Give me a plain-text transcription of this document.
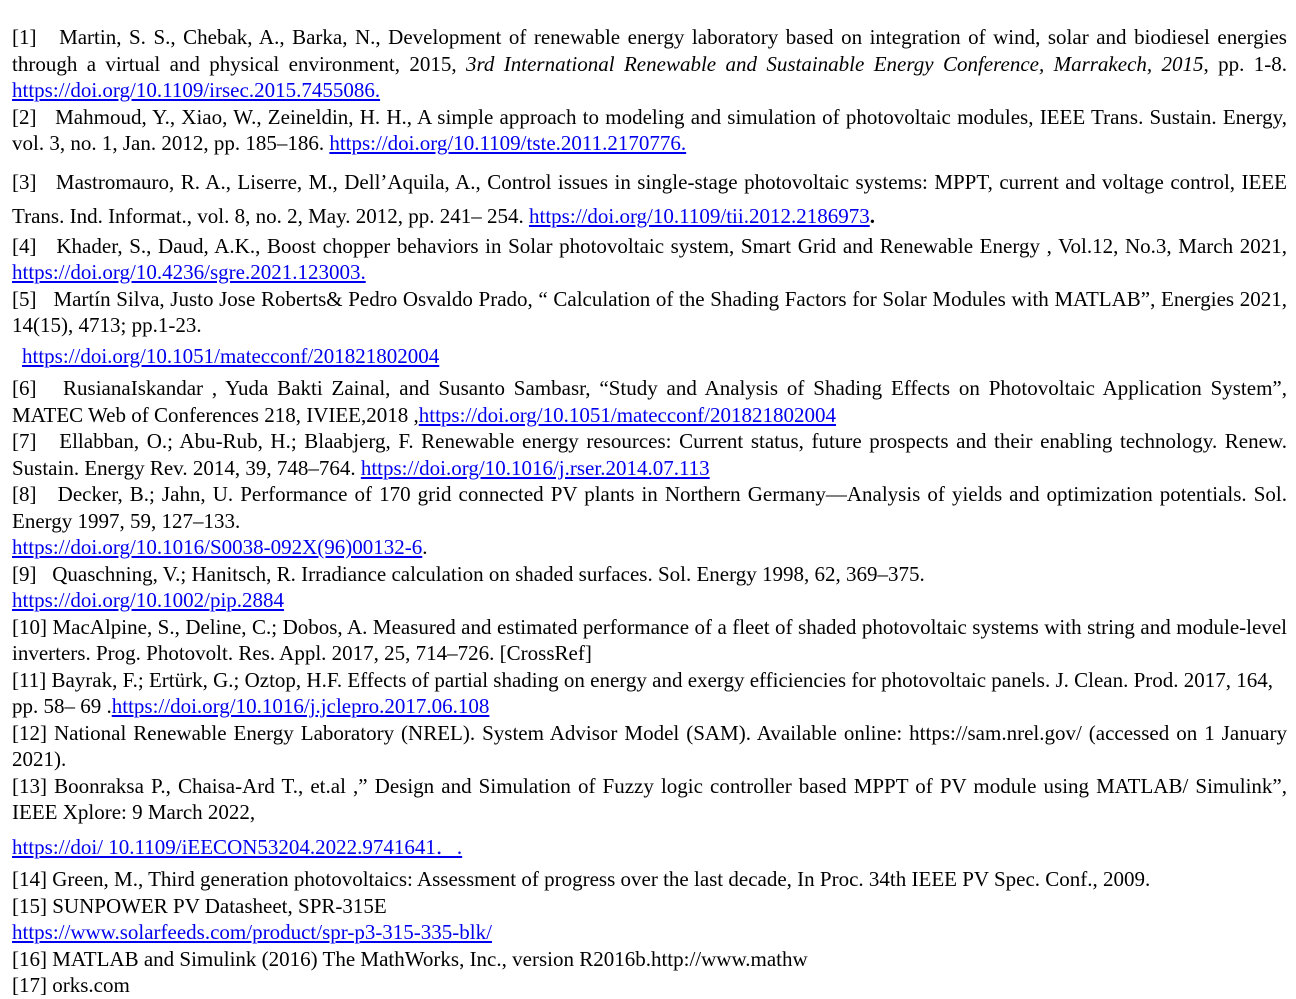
[1]   Martin, S. S., Chebak, A., Barka, N., Development of renewable energy laboratory based on integration of wind, solar and biodiesel energies through a virtual and physical environment, 2015, 3rd International Renewable and Sustainable Energy Conference, Marrakech, 2015, pp. 1-8. https://doi.org/10.1109/irsec.2015.7455086.

[2]   Mahmoud, Y., Xiao, W., Zeineldin, H. H., A simple approach to modeling and simulation of photovoltaic modules, IEEE Trans. Sustain. Energy, vol. 3, no. 1, Jan. 2012, pp. 185–186. https://doi.org/10.1109/tste.2011.2170776.

[3]   Mastromauro, R. A., Liserre, M., Dell’Aquila, A., Control issues in single-stage photovoltaic systems: MPPT, current and voltage control, IEEE Trans. Ind. Informat., vol. 8, no. 2, May. 2012, pp. 241– 254. https://doi.org/10.1109/tii.2012.2186973.

[4]   Khader, S., Daud, A.K., Boost chopper behaviors in Solar photovoltaic system, Smart Grid and Renewable Energy , Vol.12, No.3, March 2021, https://doi.org/10.4236/sgre.2021.123003.

[5]   Martín Silva, Justo Jose Roberts& Pedro Osvaldo Prado, “ Calculation of the Shading Factors for Solar Modules with MATLAB”, Energies 2021, 14(15), 4713; pp.1-23.
https://doi.org/10.1051/matecconf/201821802004

[6]   RusianaIskandar , Yuda Bakti Zainal, and Susanto Sambasr, “Study and Analysis of Shading Effects on Photovoltaic Application System”, MATEC Web of Conferences 218, IVIEE,2018 ,https://doi.org/10.1051/matecconf/201821802004

[7]   Ellabban, O.; Abu-Rub, H.; Blaabjerg, F. Renewable energy resources: Current status, future prospects and their enabling technology. Renew. Sustain. Energy Rev. 2014, 39, 748–764. https://doi.org/10.1016/j.rser.2014.07.113

[8]   Decker, B.; Jahn, U. Performance of 170 grid connected PV plants in Northern Germany—Analysis of yields and optimization potentials. Sol. Energy 1997, 59, 127–133.
https://doi.org/10.1016/S0038-092X(96)00132-6.

[9]   Quaschning, V.; Hanitsch, R. Irradiance calculation on shaded surfaces. Sol. Energy 1998, 62, 369–375.
https://doi.org/10.1002/pip.2884

[10] MacAlpine, S., Deline, C.; Dobos, A. Measured and estimated performance of a fleet of shaded photovoltaic systems with string and module-level inverters. Prog. Photovolt. Res. Appl. 2017, 25, 714–726. [CrossRef]

[11] Bayrak, F.; Ertürk, G.; Oztop, H.F. Effects of partial shading on energy and exergy efficiencies for photovoltaic panels. J. Clean. Prod. 2017, 164, pp. 58– 69 .https://doi.org/10.1016/j.jclepro.2017.06.108

[12] National Renewable Energy Laboratory (NREL). System Advisor Model (SAM). Available online: https://sam.nrel.gov/ (accessed on 1 January 2021).

[13] Boonraksa P., Chaisa-Ard T., et.al ,” Design and Simulation of Fuzzy logic controller based MPPT of PV module using MATLAB/ Simulink”, IEEE Xplore: 9 March 2022,
https://doi/ 10.1109/iEECON53204.2022.9741641．.

[14] Green, M., Third generation photovoltaics: Assessment of progress over the last decade, In Proc. 34th IEEE PV Spec. Conf., 2009.

[15] SUNPOWER PV Datasheet, SPR-315E
https://www.solarfeeds.com/product/spr-p3-315-335-blk/

[16] MATLAB and Simulink (2016) The MathWorks, Inc., version R2016b.http://www.mathw

[17] orks.com
